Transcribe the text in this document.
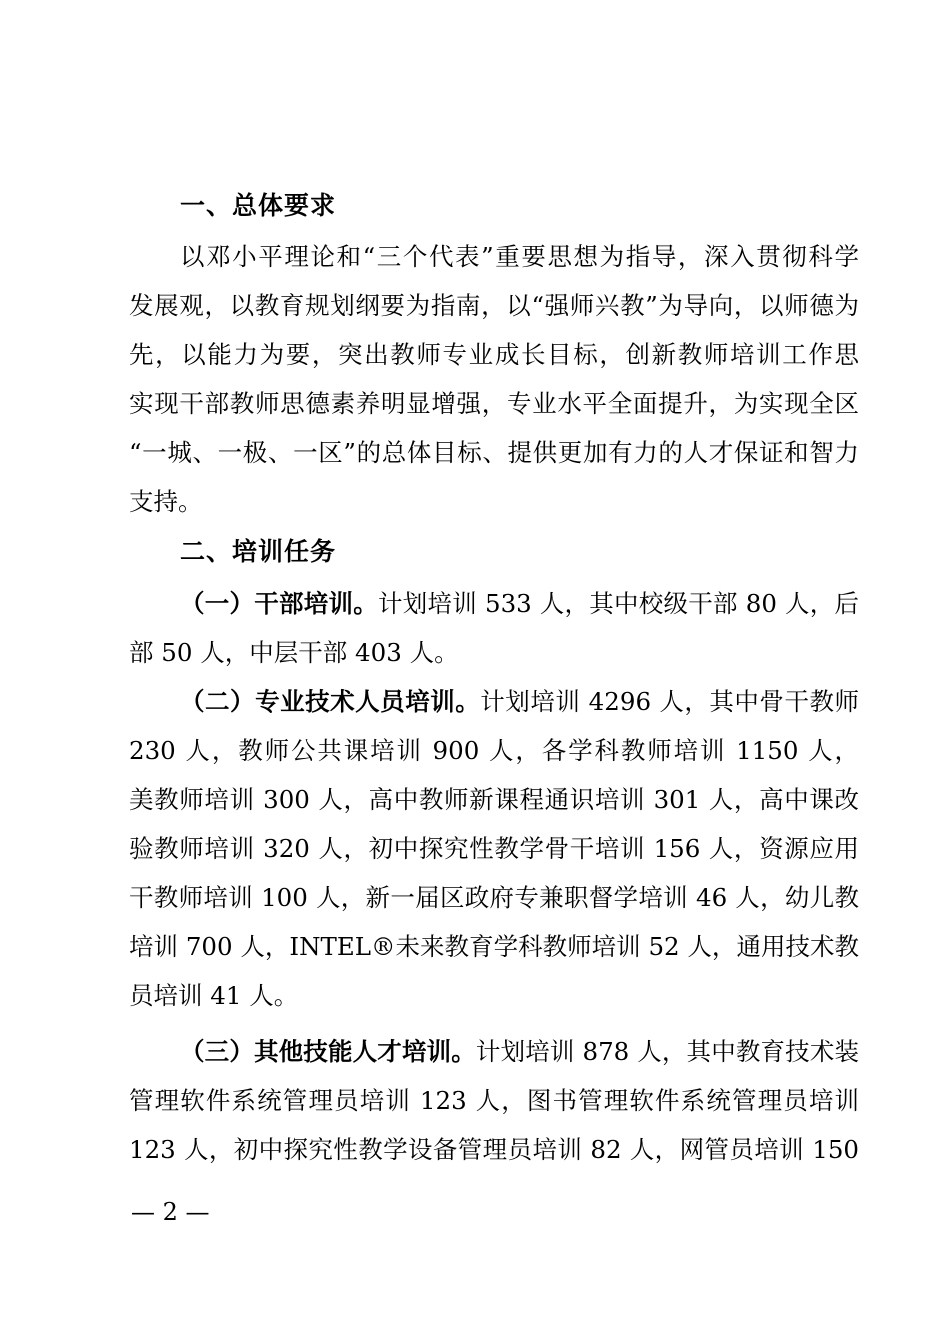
一、总体要求
以邓小平理论和“三个代表”重要思想为指导，深入贯彻科学
发展观，以教育规划纲要为指南，以“强师兴教”为导向，以师德为
先，以能力为要，突出教师专业成长目标，创新教师培训工作思
实现干部教师思德素养明显增强，专业水平全面提升，为实现全区
“一城、一极、一区”的总体目标、提供更加有力的人才保证和智力
支持。
二、培训任务
（一）干部培训。计划培训 533 人，其中校级干部 80 人，后
部 50 人，中层干部 403 人。
（二）专业技术人员培训。计划培训 4296 人，其中骨干教师
230 人，教师公共课培训 900 人，各学科教师培训 1150 人，
美教师培训 300 人，高中教师新课程通识培训 301 人，高中课改
验教师培训 320 人，初中探究性教学骨干培训 156 人，资源应用
干教师培训 100 人，新一届区政府专兼职督学培训 46 人，幼儿教
培训 700 人，INTEL®未来教育学科教师培训 52 人，通用技术教
员培训 41 人。
（三）其他技能人才培训。计划培训 878 人，其中教育技术装
管理软件系统管理员培训 123 人，图书管理软件系统管理员培训
123 人，初中探究性教学设备管理员培训 82 人，网管员培训 150
— 2 —
